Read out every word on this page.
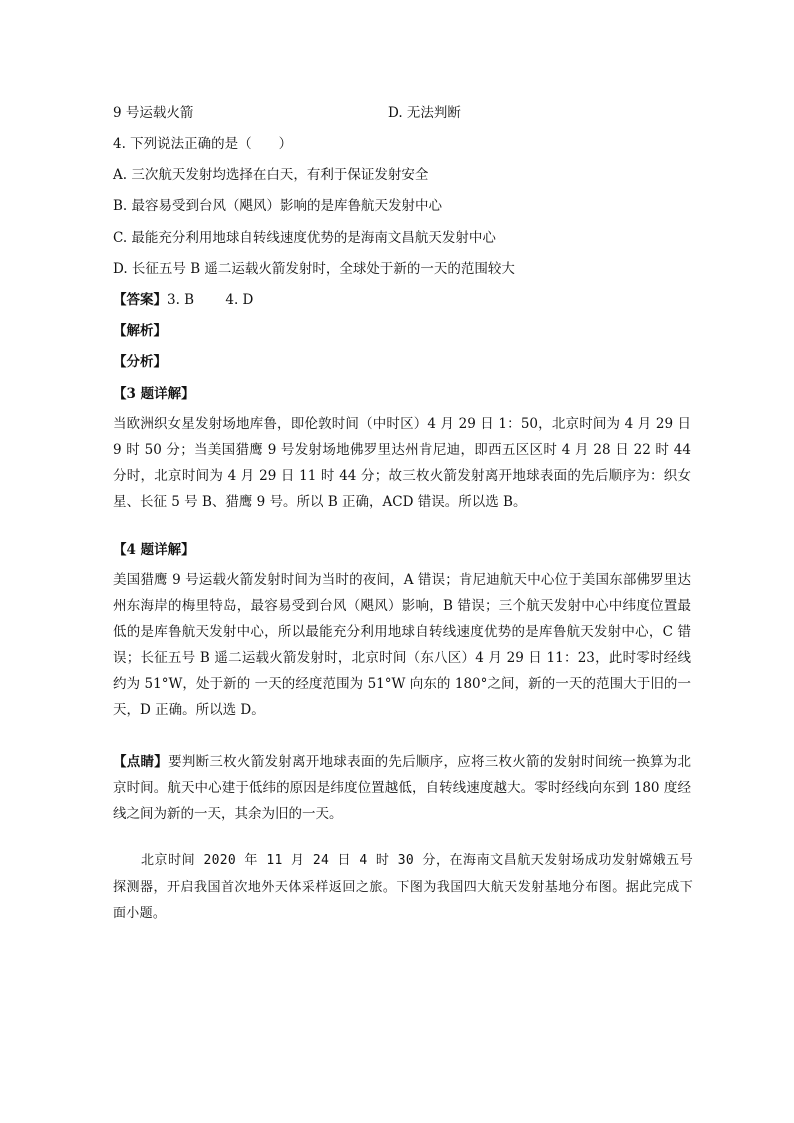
9 号运载火箭	D. 无法判断

4. 下列说法正确的是（　　）

A. 三次航天发射均选择在白天，有利于保证发射安全

B. 最容易受到台风（飓风）影响的是库鲁航天发射中心

C. 最能充分利用地球自转线速度优势的是海南文昌航天发射中心

D. 长征五号 B 遥二运载火箭发射时，全球处于新的一天的范围较大

【答案】3. B　　 4. D

【解析】

【分析】

【3 题详解】

当欧洲织女星发射场地库鲁，即伦敦时间（中时区）4 月 29 日 1：50，北京时间为 4 月 29 日 9 时 50 分；当美国猎鹰 9 号发射场地佛罗里达州肯尼迪，即西五区区时 4 月 28 日 22 时 44 分时，北京时间为 4 月 29 日 11 时 44 分；故三枚火箭发射离开地球表面的先后顺序为：织女星、长征 5 号 B、猎鹰 9 号。所以 B 正确，ACD 错误。所以选 B。

【4 题详解】

美国猎鹰 9 号运载火箭发射时间为当时的夜间，A 错误；肯尼迪航天中心位于美国东部佛罗里达州东海岸的梅里特岛，最容易受到台风（飓风）影响，B 错误；三个航天发射中心中纬度位置最低的是库鲁航天发射中心，所以最能充分利用地球自转线速度优势的是库鲁航天发射中心，C 错误；长征五号 B 遥二运载火箭发射时，北京时间（东八区）4 月 29 日 11：23，此时零时经线约为 51°W，处于新的 一天的经度范围为 51°W 向东的 180°之间，新的一天的范围大于旧的一天，D 正确。所以选 D。

【点睛】要判断三枚火箭发射离开地球表面的先后顺序，应将三枚火箭的发射时间统一换算为北京时间。航天中心建于低纬的原因是纬度位置越低，自转线速度越大。零时经线向东到 180 度经线之间为新的一天，其余为旧的一天。

北京时间 2020 年 11 月 24 日 4 时 30 分，在海南文昌航天发射场成功发射嫦娥五号探测器，开启我国首次地外天体采样返回之旅。下图为我国四大航天发射基地分布图。据此完成下面小题。
